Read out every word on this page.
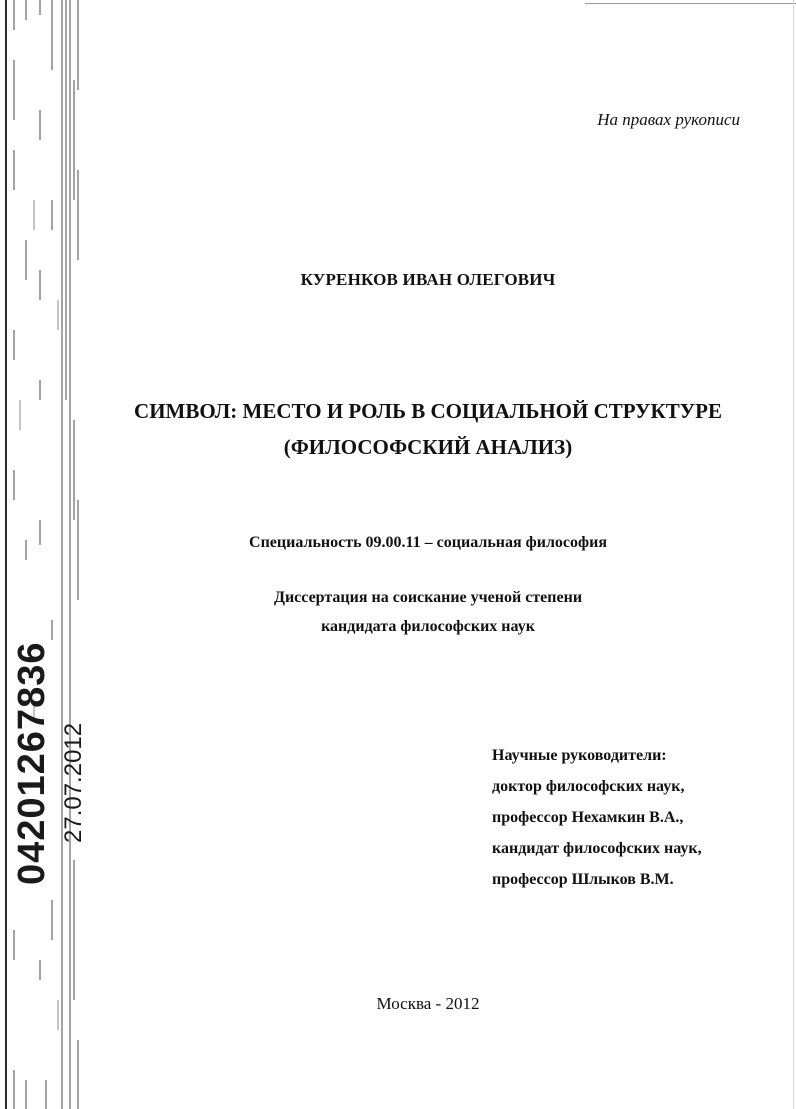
04201267836 27.07.2012
На правах рукописи
КУРЕНКОВ ИВАН ОЛЕГОВИЧ
СИМВОЛ: МЕСТО И РОЛЬ В СОЦИАЛЬНОЙ СТРУКТУРЕ
(ФИЛОСОФСКИЙ АНАЛИЗ)
Специальность 09.00.11 – социальная философия
Диссертация на соискание ученой степени
кандидата философских наук
Научные руководители:
доктор философских наук,
профессор Нехамкин В.А.,
кандидат философских наук,
профессор Шлыков В.М.
Москва - 2012
